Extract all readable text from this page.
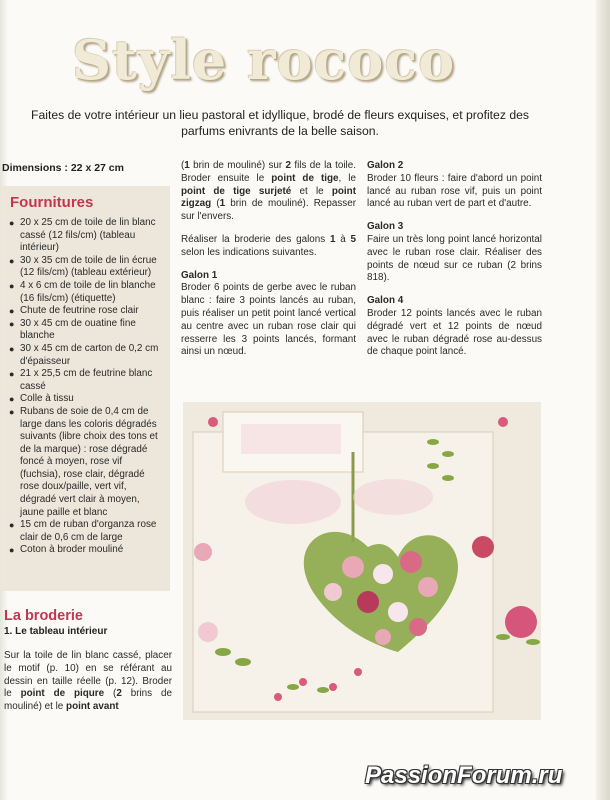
Style rococo
Faites de votre intérieur un lieu pastoral et idyllique, brodé de fleurs exquises, et profitez des parfums enivrants de la belle saison.
Dimensions : 22 x 27 cm
Fournitures
● 20 x 25 cm de toile de lin blanc cassé (12 fils/cm) (tableau intérieur)
● 30 x 35 cm de toile de lin écrue (12 fils/cm) (tableau extérieur)
● 4 x 6 cm de toile de lin blanche (16 fils/cm) (étiquette)
● Chute de feutrine rose clair
● 30 x 45 cm de ouatine fine blanche
● 30 x 45 cm de carton de 0,2 cm d'épaisseur
● 21 x 25,5 cm de feutrine blanc cassé
● Colle à tissu
● Rubans de soie de 0,4 cm de large dans les coloris dégradés suivants (libre choix des tons et de la marque) : rose dégradé foncé à moyen, rose vif (fuchsia), rose clair, dégradé rose doux/paille, vert vif, dégradé vert clair à moyen, jaune paille et blanc
● 15 cm de ruban d'organza rose clair de 0,6 cm de large
● Coton à broder mouliné
La broderie
1. Le tableau intérieur
Sur la toile de lin blanc cassé, placer le motif (p. 10) en se référant au dessin en taille réelle (p. 12). Broder le point de piqure (2 brins de mouliné) et le point avant

(1 brin de mouliné) sur 2 fils de la toile. Broder ensuite le point de tige, le point de tige surjeté et le point zigzag (1 brin de mouliné). Repasser sur l'envers.

Réaliser la broderie des galons 1 à 5 selon les indications suivantes.

Galon 1

Broder 6 points de gerbe avec le ruban blanc : faire 3 points lancés au ruban, puis réaliser un petit point lancé vertical au centre avec un ruban rose clair qui resserre les 3 points lancés, formant ainsi un nœud.

Galon 2

Broder 10 fleurs : faire d'abord un point lancé au ruban rose vif, puis un point lancé au ruban vert de part et d'autre.

Galon 3

Faire un très long point lancé horizontal avec le ruban rose clair. Réaliser des points de nœud sur ce ruban (2 brins 818).

Galon 4

Broder 12 points lancés avec le ruban dégradé vert et 12 points de nœud avec le ruban dégradé rose au-dessus de chaque point lancé.

PassionForum.ru
